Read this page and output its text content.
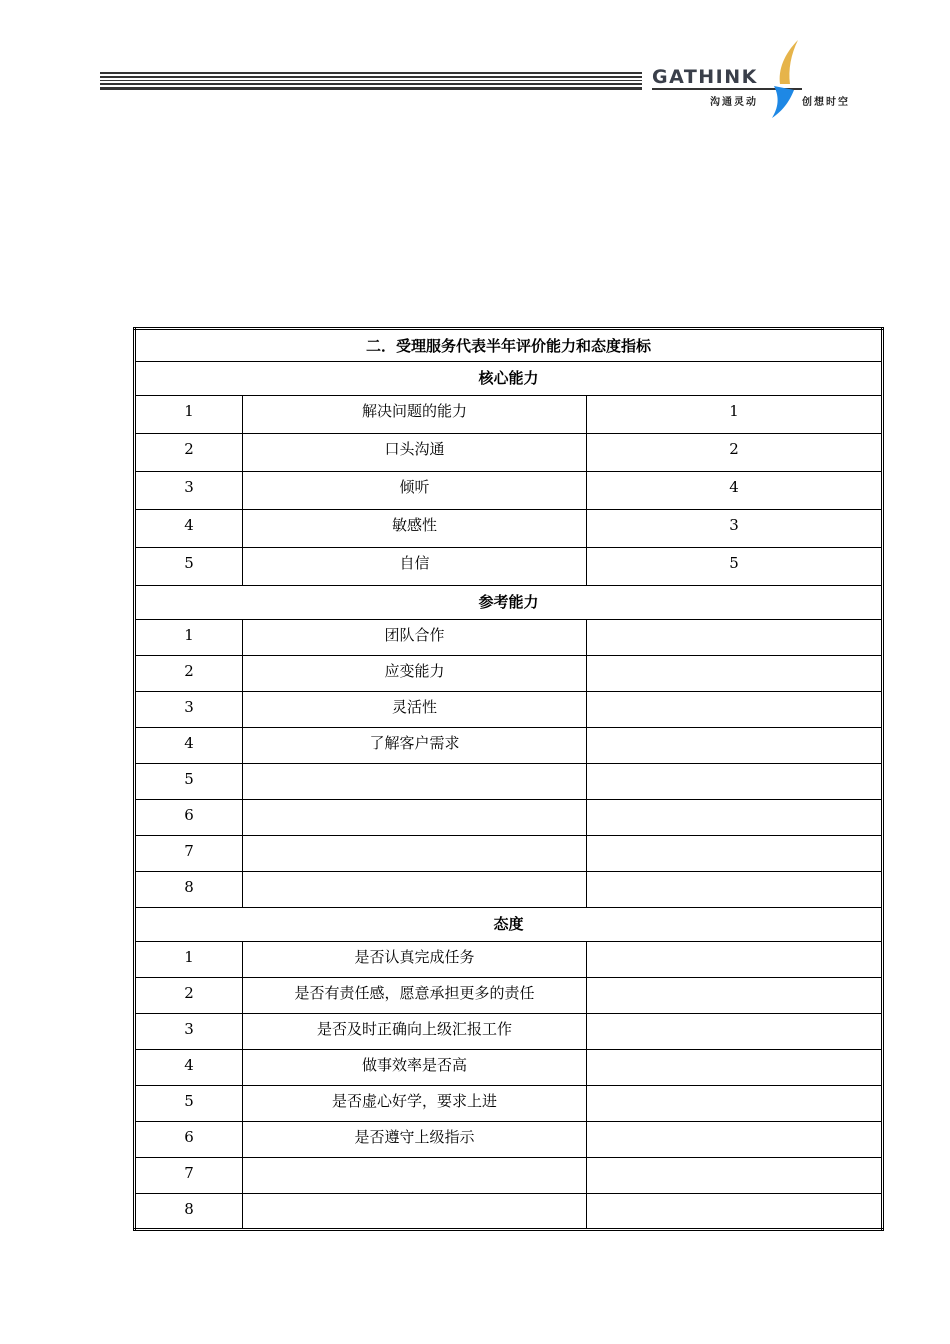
GATHINK
沟通灵动	创想时空
二．受理服务代表半年评价能力和态度指标		

核心能力		

1	解决问题的能力	1

2	口头沟通	2

3	倾听	4

4	敏感性	3

5	自信	5

参考能力		

1	团队合作	

2	应变能力	

3	灵活性	

4	了解客户需求	

5		

6		

7		

8		

态度		

1	是否认真完成任务	

2	是否有责任感，愿意承担更多的责任	

3	是否及时正确向上级汇报工作	

4	做事效率是否高	

5	是否虚心好学，要求上进	

6	是否遵守上级指示	

7		

8		
